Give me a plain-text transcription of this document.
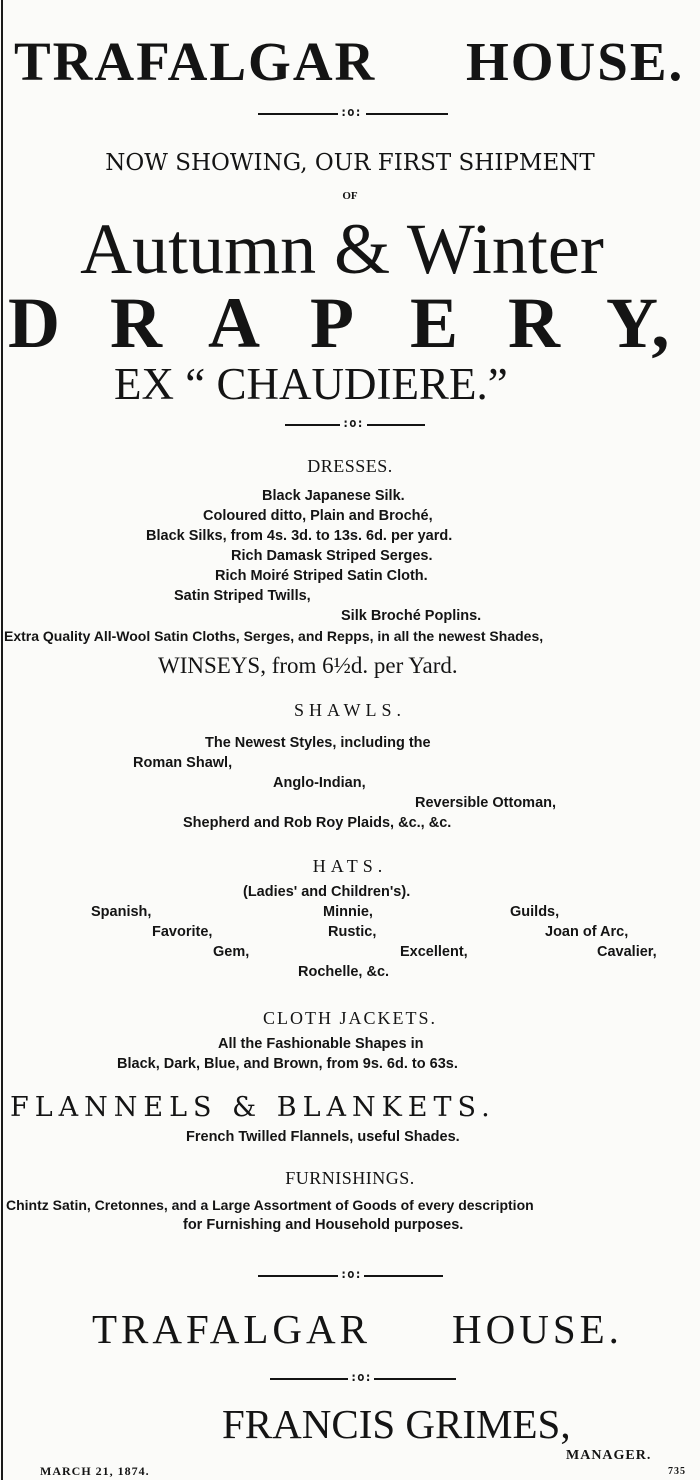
TRAFALGAR HOUSE.
:o:
NOW SHOWING, OUR FIRST SHIPMENT
OF
Autumn & Winter
D R A P E R Y,
EX “ CHAUDIERE.”
:o:
DRESSES.
Black Japanese Silk.
Coloured ditto, Plain and Broché,
Black Silks, from 4s. 3d. to 13s. 6d. per yard.
Rich Damask Striped Serges.
Rich Moiré Striped Satin Cloth.
Satin Striped Twills,
Silk Broché Poplins.
Extra Quality All-Wool Satin Cloths, Serges, and Repps, in all the newest Shades,
WINSEYS, from 6½d. per Yard.
SHAWLS.
The Newest Styles, including the
Roman Shawl,
Anglo-Indian,
Reversible Ottoman,
Shepherd and Rob Roy Plaids, &c., &c.
HATS.
(Ladies' and Children's).
Spanish,	Minnie,	Guilds,
Favorite,	Rustic,	Joan of Arc,
Gem,	Excellent,	Cavalier,
Rochelle, &c.
CLOTH JACKETS.
All the Fashionable Shapes in
Black, Dark, Blue, and Brown, from 9s. 6d. to 63s.
FLANNELS & BLANKETS.
French Twilled Flannels, useful Shades.
FURNISHINGS.
Chintz Satin, Cretonnes, and a Large Assortment of Goods of every description
for Furnishing and Household purposes.
:o:
TRAFALGAR HOUSE.
:o:
FRANCIS GRIMES,
MANAGER.
MARCH 21, 1874.	735
